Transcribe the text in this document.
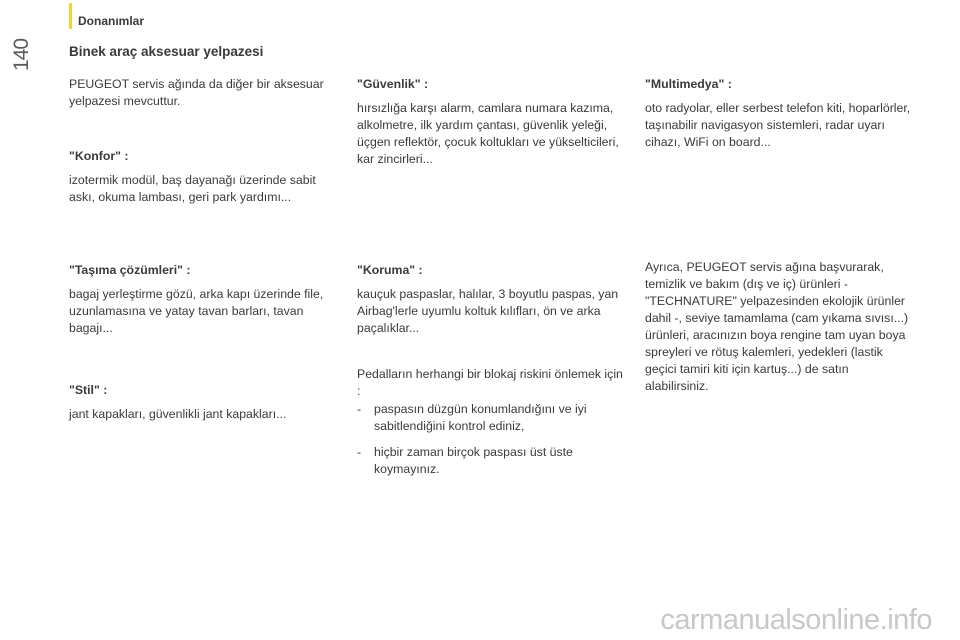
Donanımlar
140	Binek araç aksesuar yelpazesi

PEUGEOT servis ağında da diğer bir aksesuar yelpazesi mevcuttur.

"Konfor" :

izotermik modül, baş dayanağı üzerinde sabit askı, okuma lambası, geri park yardımı...

"Taşıma çözümleri" :

bagaj yerleştirme gözü, arka kapı üzerinde file, uzunlamasına ve yatay tavan barları, tavan bagajı...

"Stil" :

jant kapakları, güvenlikli jant kapakları...

"Güvenlik" :

hırsızlığa karşı alarm, camlara numara kazıma, alkolmetre, ilk yardım çantası, güvenlik yeleği, üçgen reflektör, çocuk koltukları ve yükselticileri, kar zincirleri...

"Koruma" :

kauçuk paspaslar, halılar, 3 boyutlu paspas, yan Airbag'lerle uyumlu koltuk kılıfları, ön ve arka paçalıklar...

Pedalların herhangi bir blokaj riskini önlemek için :

- paspasın düzgün konumlandığını ve iyi sabitlendiğini kontrol ediniz,
- hiçbir zaman birçok paspası üst üste koymayınız.

"Multimedya" :

oto radyolar, eller serbest telefon kiti, hoparlörler, taşınabilir navigasyon sistemleri, radar uyarı cihazı, WiFi on board...

Ayrıca, PEUGEOT servis ağına başvurarak, temizlik ve bakım (dış ve iç) ürünleri - "TECHNATURE" yelpazesinden ekolojik ürünler dahil -, seviye tamamlama (cam yıkama sıvısı...) ürünleri, aracınızın boya rengine tam uyan boya spreyleri ve rötuş kalemleri, yedekleri (lastik geçici tamiri kiti için kartuş...) de satın alabilirsiniz.

carmanualsonline.info
